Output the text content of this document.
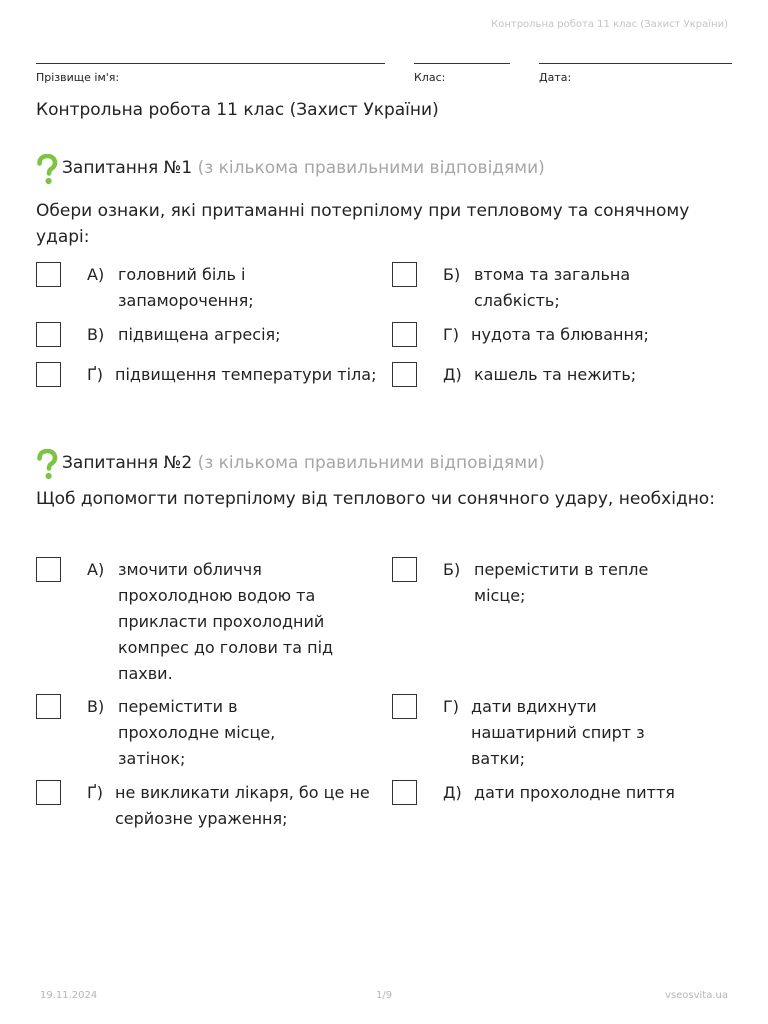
Контрольна робота 11 клас (Захист України)
Прізвище ім'я:	Клас:	Дата:
Контрольна робота 11 клас (Захист України)
Запитання №1 (з кількома правильними відповідями)
Обери ознаки, які притаманні потерпілому при тепловому та сонячному ударі:
А) головний біль і запаморочення;
Б) втома та загальна слабкість;
В) підвищена агресія;	Г) нудота та блювання;
Ґ) підвищення температури тіла;	Д) кашель та нежить;
Запитання №2 (з кількома правильними відповідями)
Щоб допомогти потерпілому від теплового чи сонячного удару, необхідно:
А) змочити обличчя прохолодною водою та прикласти прохолодний компрес до голови та під пахви.
Б) перемістити в тепле місце;
В) перемістити в прохолодне місце, затінок;
Г) дати вдихнути нашатирний спирт з ватки;
Ґ) не викликати лікаря, бо це не серйозне ураження;
Д) дати прохолодне пиття
19.11.2024	1/9	vseosvita.ua
